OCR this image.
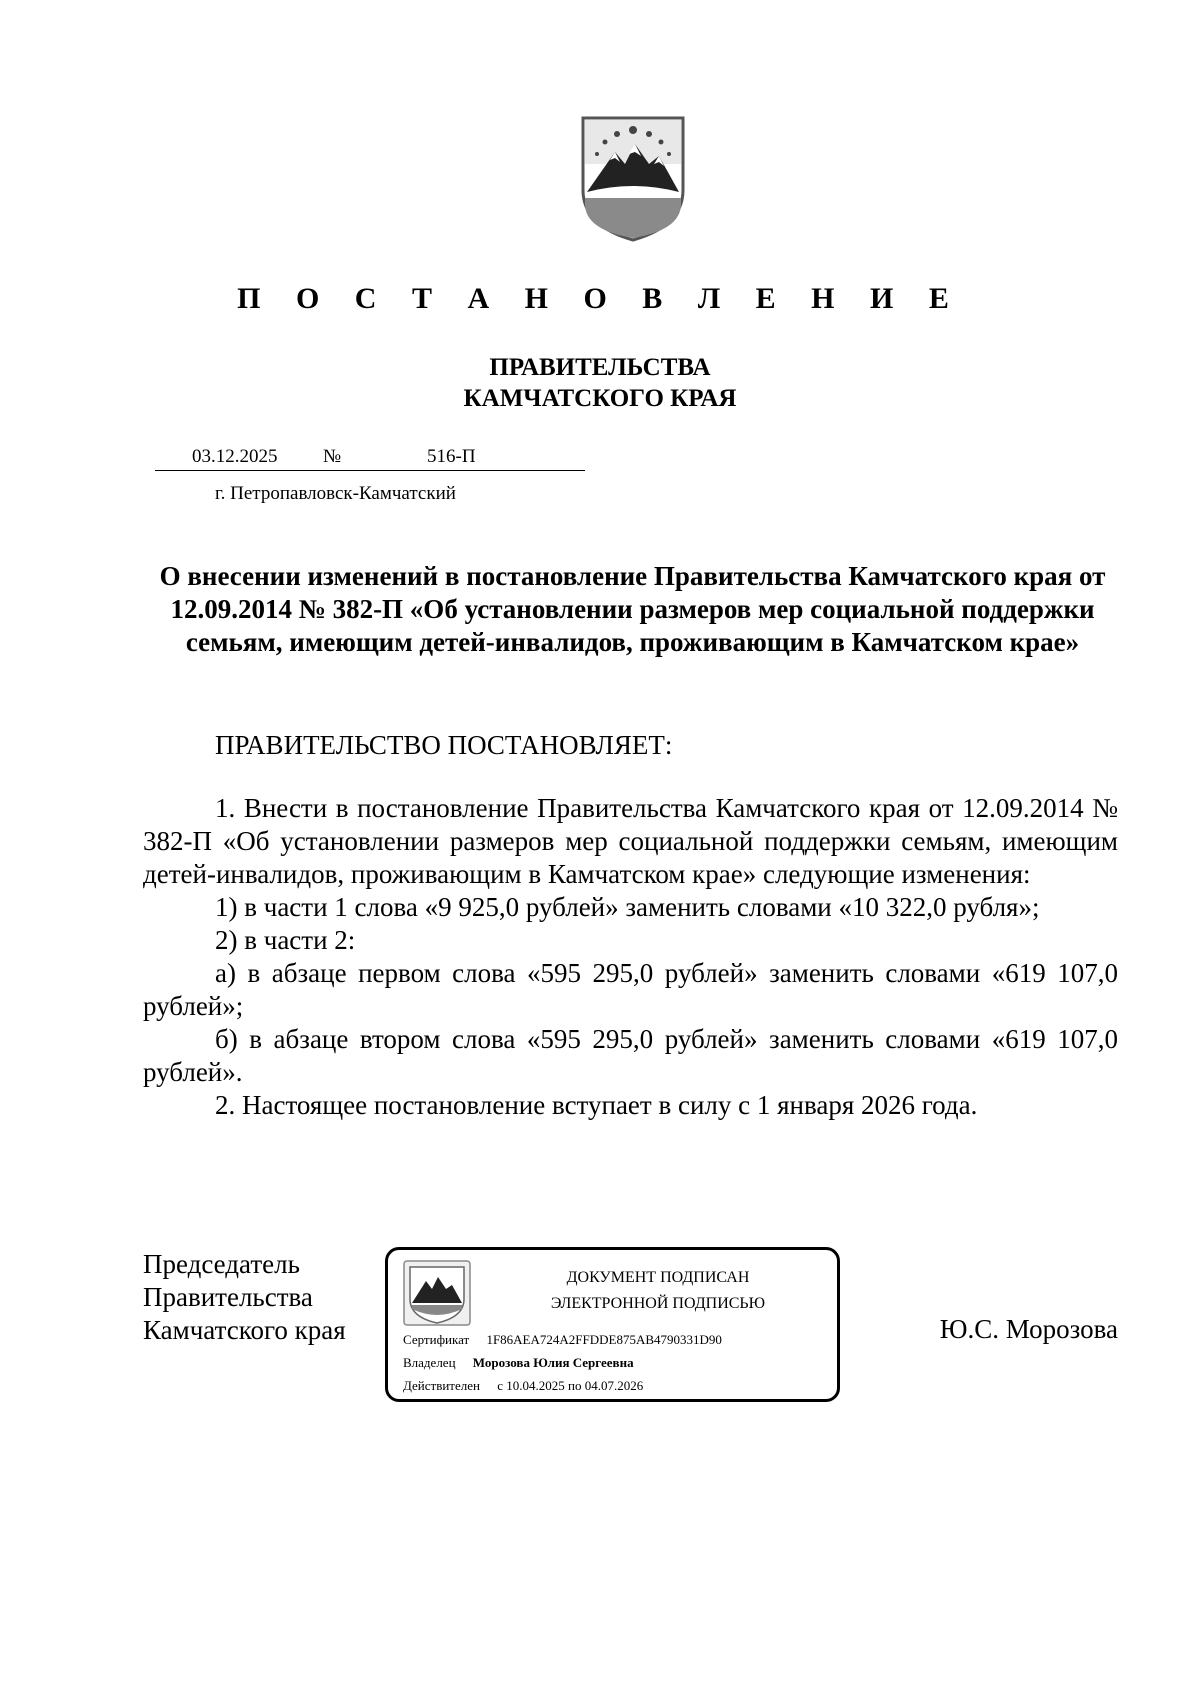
П О С Т А Н О В Л Е Н И Е
ПРАВИТЕЛЬСТВА
КАМЧАТСКОГО КРАЯ
03.12.2025 №	516-П
г. Петропавловск-Камчатский
О внесении изменений в постановление Правительства Камчатского края от 12.09.2014 № 382-П «Об установлении размеров мер социальной поддержки семьям, имеющим детей-инвалидов, проживающим в Камчатском крае»
ПРАВИТЕЛЬСТВО ПОСТАНОВЛЯЕТ:

1. Внести в постановление Правительства Камчатского края от 12.09.2014 № 382-П «Об установлении размеров мер социальной поддержки семьям, имеющим детей-инвалидов, проживающим в Камчатском крае» следующие изменения:

1) в части 1 слова «9 925,0 рублей» заменить словами «10 322,0 рубля»;

2) в части 2:

а) в абзаце первом слова «595 295,0 рублей» заменить словами «619 107,0 рублей»;

б) в абзаце втором слова «595 295,0 рублей» заменить словами «619 107,0 рублей».

2. Настоящее постановление вступает в силу с 1 января 2026 года.

Председатель
Правительства
Камчатского края
ДОКУМЕНТ ПОДПИСАН
ЭЛЕКТРОННОЙ ПОДПИСЬЮ
Сертификат 1F86AEA724A2FFDDE875AB4790331D90
Владелец Морозова Юлия Сергеевна
Действителен с 10.04.2025 по 04.07.2026
Ю.С. Морозова
